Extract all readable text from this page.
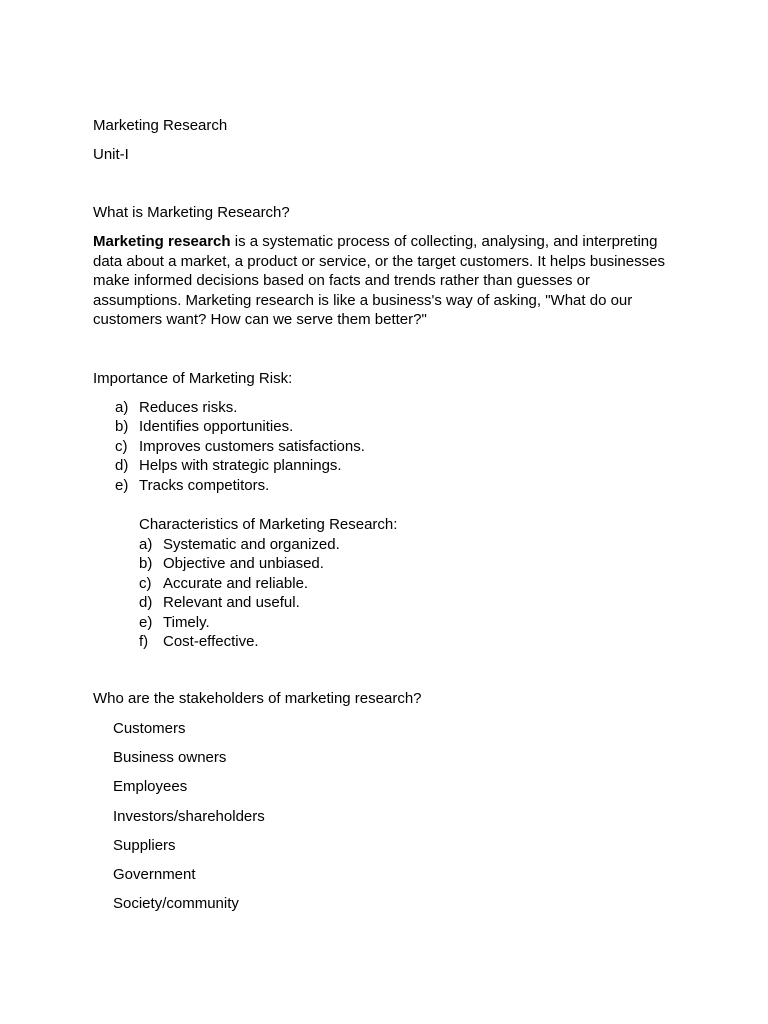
Marketing Research
Unit-I
What is Marketing Research?

Marketing research is a systematic process of collecting, analysing, and interpreting data about a market, a product or service, or the target customers. It helps businesses make informed decisions based on facts and trends rather than guesses or assumptions. Marketing research is like a business's way of asking, "What do our customers want? How can we serve them better?"

Importance of Marketing Risk:
a) Reduces risks.
b) Identifies opportunities.
c) Improves customers satisfactions.
d) Helps with strategic plannings.
e) Tracks competitors.
Characteristics of Marketing Research:
a) Systematic and organized.
b) Objective and unbiased.
c) Accurate and reliable.
d) Relevant and useful.
e) Timely.
f) Cost-effective.
Who are the stakeholders of marketing research?
Customers
Business owners
Employees
Investors/shareholders
Suppliers
Government
Society/community
